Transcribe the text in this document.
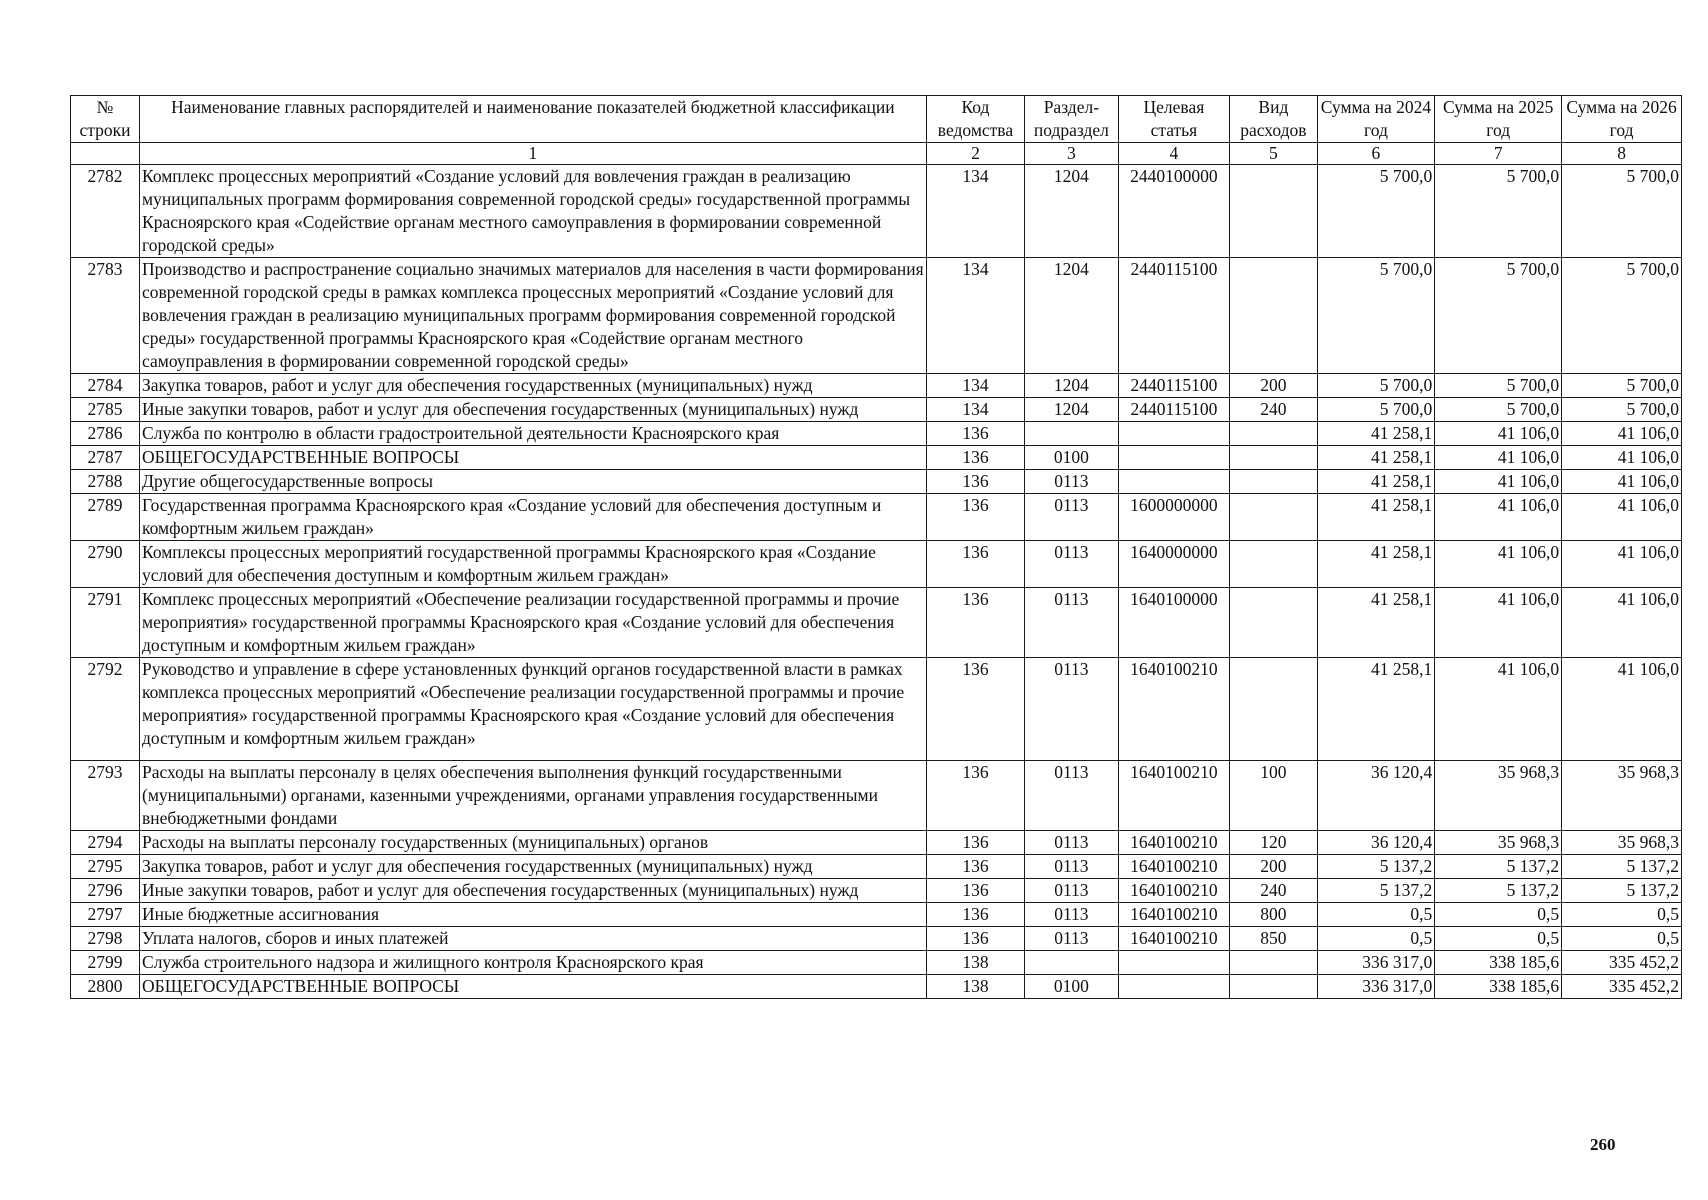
№ строки	Наименование главных распорядителей и наименование показателей бюджетной классификации	Код ведомства	Раздел-подраздел	Целевая статья	Вид расходов	Сумма на 2024 год	Сумма на 2025 год	Сумма на 2026 год
	1	2	3	4	5	6	7	8
2782	Комплекс процессных мероприятий «Создание условий для вовлечения граждан в реализацию муниципальных программ формирования современной городской среды» государственной программы Красноярского края «Содействие органам местного самоуправления в формировании современной городской среды»	134	1204	2440100000		5 700,0	5 700,0	5 700,0
2783	Производство и распространение социально значимых материалов для населения в части формирования современной городской среды в рамках комплекса процессных мероприятий «Создание условий для вовлечения граждан в реализацию муниципальных программ формирования современной городской среды» государственной программы Красноярского края «Содействие органам местного самоуправления в формировании современной городской среды»	134	1204	2440115100		5 700,0	5 700,0	5 700,0
2784	Закупка товаров, работ и услуг для обеспечения государственных (муниципальных) нужд	134	1204	2440115100	200	5 700,0	5 700,0	5 700,0
2785	Иные закупки товаров, работ и услуг для обеспечения государственных (муниципальных) нужд	134	1204	2440115100	240	5 700,0	5 700,0	5 700,0
2786	Служба по контролю в области градостроительной деятельности Красноярского края	136				41 258,1	41 106,0	41 106,0
2787	ОБЩЕГОСУДАРСТВЕННЫЕ ВОПРОСЫ	136	0100			41 258,1	41 106,0	41 106,0
2788	Другие общегосударственные вопросы	136	0113			41 258,1	41 106,0	41 106,0
2789	Государственная программа Красноярского края «Создание условий для обеспечения доступным и комфортным жильем граждан»	136	0113	1600000000		41 258,1	41 106,0	41 106,0
2790	Комплексы процессных мероприятий государственной программы Красноярского края «Создание условий для обеспечения доступным и комфортным жильем граждан»	136	0113	1640000000		41 258,1	41 106,0	41 106,0
2791	Комплекс процессных мероприятий «Обеспечение реализации государственной программы и прочие мероприятия» государственной программы Красноярского края «Создание условий для обеспечения доступным и комфортным жильем граждан»	136	0113	1640100000		41 258,1	41 106,0	41 106,0
2792	Руководство и управление в сфере установленных функций органов государственной власти в рамках комплекса процессных мероприятий «Обеспечение реализации государственной программы и прочие мероприятия» государственной программы Красноярского края «Создание условий для обеспечения доступным и комфортным жильем граждан»	136	0113	1640100210		41 258,1	41 106,0	41 106,0
2793	Расходы на выплаты персоналу в целях обеспечения выполнения функций государственными (муниципальными) органами, казенными учреждениями, органами управления государственными внебюджетными фондами	136	0113	1640100210	100	36 120,4	35 968,3	35 968,3
2794	Расходы на выплаты персоналу государственных (муниципальных) органов	136	0113	1640100210	120	36 120,4	35 968,3	35 968,3
2795	Закупка товаров, работ и услуг для обеспечения государственных (муниципальных) нужд	136	0113	1640100210	200	5 137,2	5 137,2	5 137,2
2796	Иные закупки товаров, работ и услуг для обеспечения государственных (муниципальных) нужд	136	0113	1640100210	240	5 137,2	5 137,2	5 137,2
2797	Иные бюджетные ассигнования	136	0113	1640100210	800	0,5	0,5	0,5
2798	Уплата налогов, сборов и иных платежей	136	0113	1640100210	850	0,5	0,5	0,5
2799	Служба строительного надзора и жилищного контроля Красноярского края	138				336 317,0	338 185,6	335 452,2
2800	ОБЩЕГОСУДАРСТВЕННЫЕ ВОПРОСЫ	138	0100			336 317,0	338 185,6	335 452,2
260
